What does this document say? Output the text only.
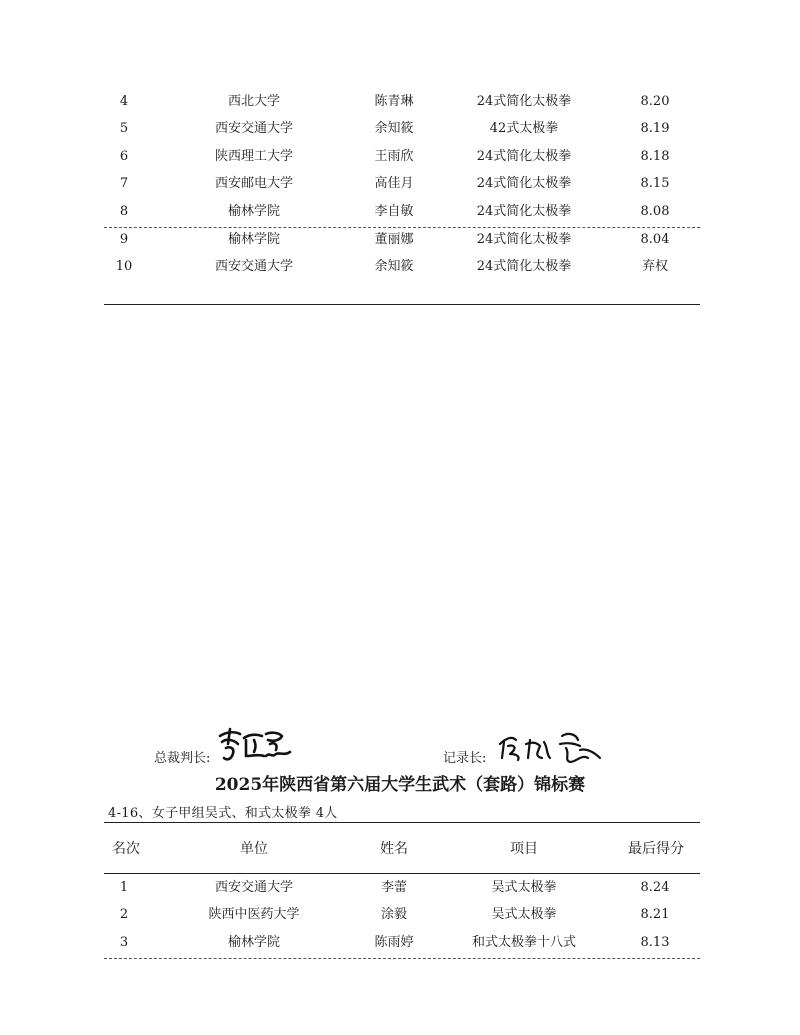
4	西北大学	陈青琳	24式简化太极拳	8.20
5	西安交通大学	余知筱	42式太极拳	8.19
6	陕西理工大学	王雨欣	24式简化太极拳	8.18
7	西安邮电大学	高佳月	24式简化太极拳	8.15
8	榆林学院	李自敏	24式简化太极拳	8.08
9	榆林学院	董丽娜	24式简化太极拳	8.04
10	西安交通大学	余知筱	24式简化太极拳	弃权
总裁判长:	记录长:
2025年陕西省第六届大学生武术（套路）锦标赛
4-16、女子甲组吴式、和式太极拳 4人
名次	单位	姓名	项目	最后得分
1	西安交通大学	李蕾	吴式太极拳	8.24
2	陕西中医药大学	涂毅	吴式太极拳	8.21
3	榆林学院	陈雨婷	和式太极拳十八式	8.13
